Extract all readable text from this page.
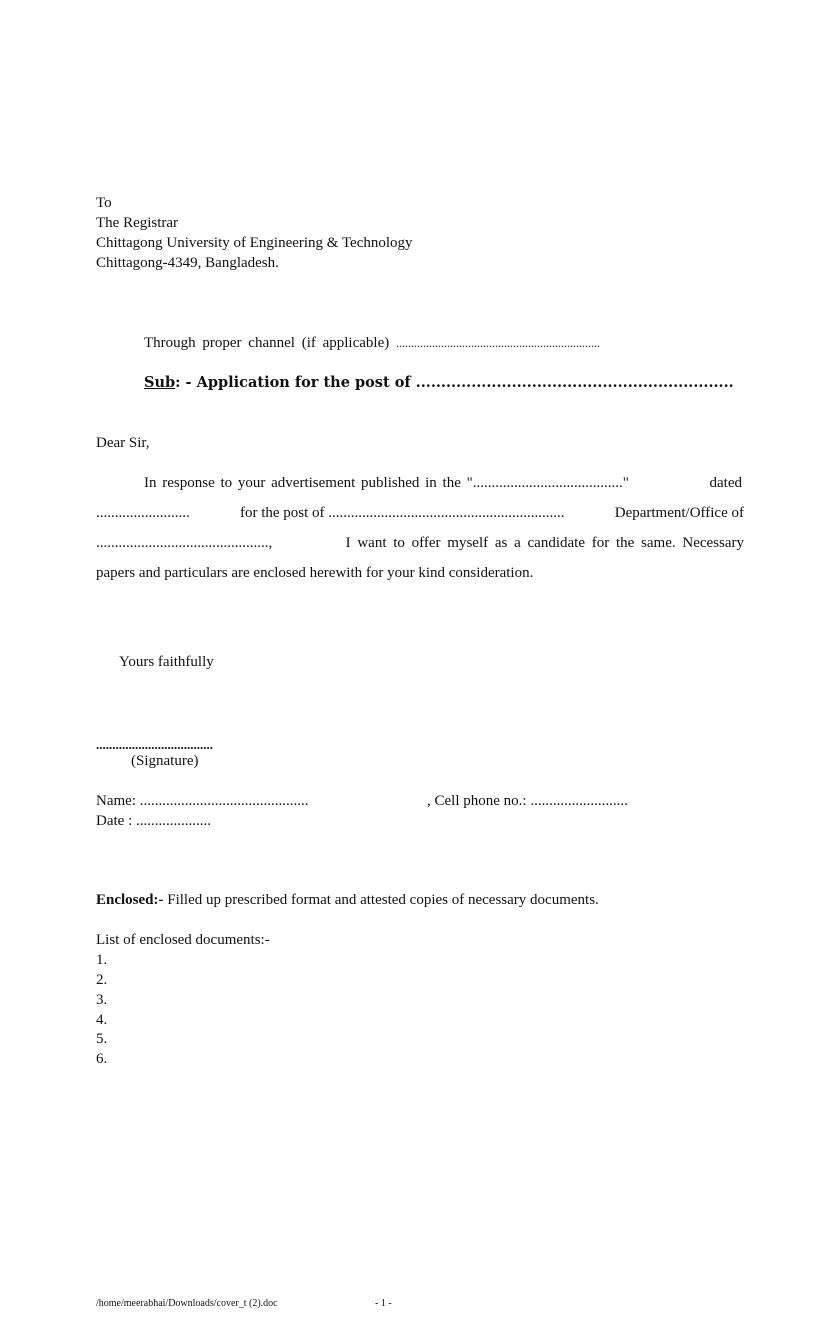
To
The Registrar
Chittagong University of Engineering & Technology
Chittagong-4349, Bangladesh.
Through proper channel (if applicable) ....................................................................
Sub: - Application for the post of ...............................................................
Dear Sir,
In response to your advertisement published in the "........................................"	dated
.........................	for the post of ...............................................................	Department/Office of
..............................................,	I want to offer myself as a candidate for the same. Necessary
papers and particulars are enclosed herewith for your kind consideration.
Yours faithfully
....................................
(Signature)
Name: .............................................	, Cell phone no.: ..........................
Date : ....................
Enclosed:- Filled up prescribed format and attested copies of necessary documents.
List of enclosed documents:-
1.
2.
3.
4.
5.
6.
/home/meerabhai/Downloads/cover_t (2).doc	- 1 -
